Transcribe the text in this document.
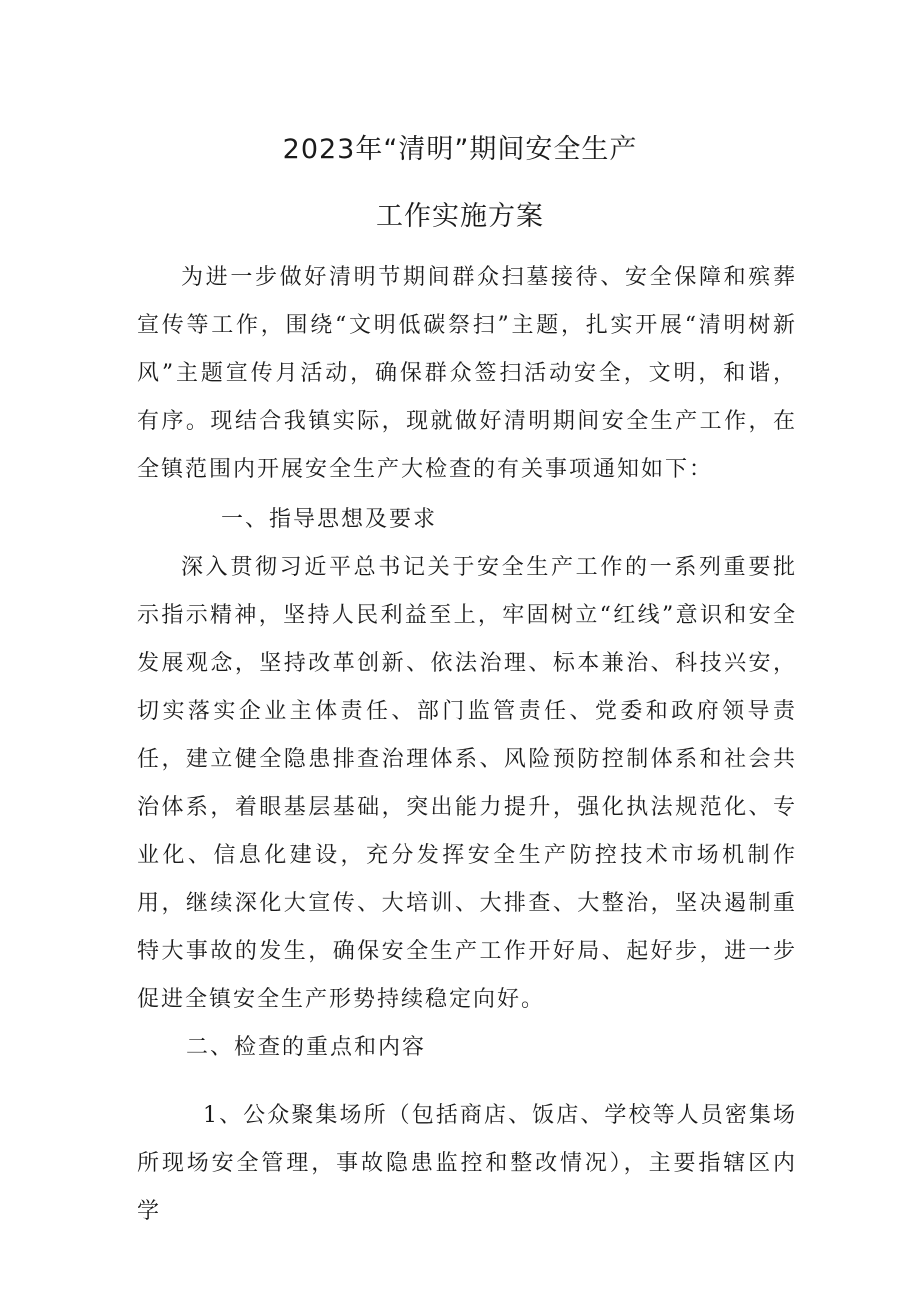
2023年“清明”期间安全生产
工作实施方案

为进一步做好清明节期间群众扫墓接待、安全保障和殡葬宣传等工作，围绕“文明低碳祭扫”主题，扎实开展“清明树新风”主题宣传月活动，确保群众签扫活动安全，文明，和谐，有序。现结合我镇实际，现就做好清明期间安全生产工作，在全镇范围内开展安全生产大检查的有关事项通知如下：

一、指导思想及要求

深入贯彻习近平总书记关于安全生产工作的一系列重要批示指示精神，坚持人民利益至上，牢固树立“红线”意识和安全发展观念，坚持改革创新、依法治理、标本兼治、科技兴安，切实落实企业主体责任、部门监管责任、党委和政府领导责任，建立健全隐患排查治理体系、风险预防控制体系和社会共治体系，着眼基层基础，突出能力提升，强化执法规范化、专业化、信息化建设，充分发挥安全生产防控技术市场机制作用，继续深化大宣传、大培训、大排查、大整治，坚决遏制重特大事故的发生，确保安全生产工作开好局、起好步，进一步促进全镇安全生产形势持续稳定向好。

二、检查的重点和内容

1、公众聚集场所（包括商店、饭店、学校等人员密集场所现场安全管理，事故隐患监控和整改情况），主要指辖区内学
